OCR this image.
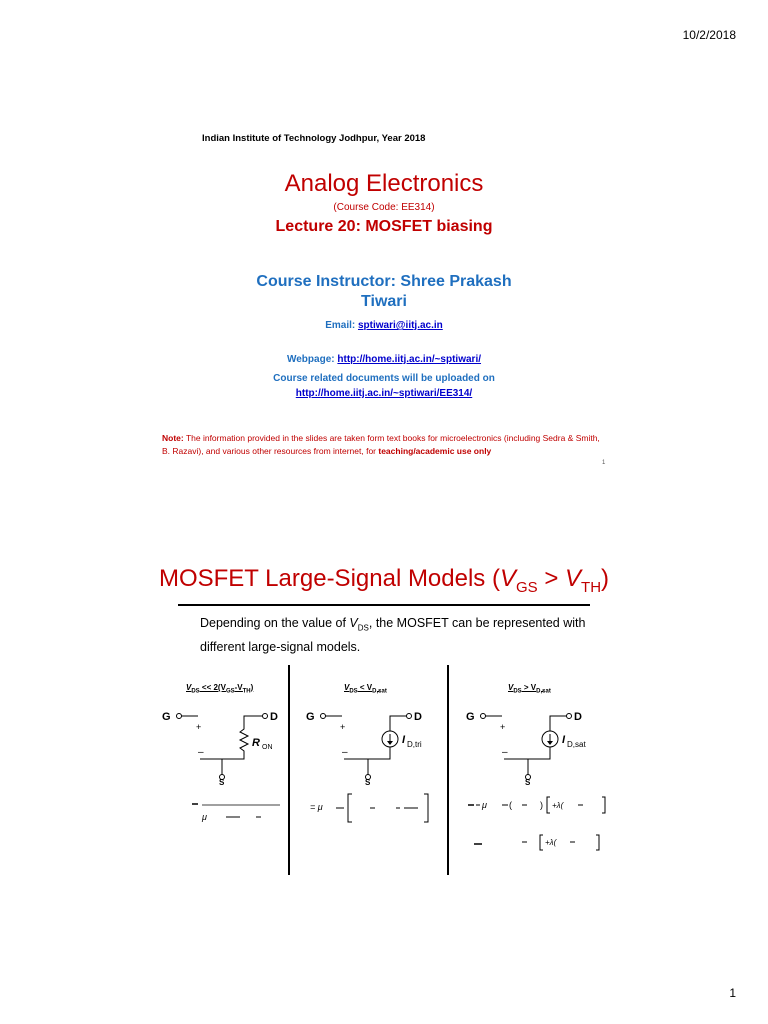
10/2/2018
Indian Institute of Technology Jodhpur, Year 2018
Analog Electronics
(Course Code: EE314)
Lecture 20: MOSFET biasing
Course Instructor: Shree Prakash
Tiwari
Email: sptiwari@iitj.ac.in
Webpage: http://home.iitj.ac.in/~sptiwari/
Course related documents will be uploaded on
http://home.iitj.ac.in/~sptiwari/EE314/
Note: The information provided in the slides are taken form text books for microelectronics (including Sedra & Smith, B. Razavi), and various other resources from internet, for teaching/academic use only
1
MOSFET Large-Signal Models $(V_{GS} > V_{TH})$
Depending on the value of $V_{DS}$, the MOSFET can be represented with different large-signal models.
$V_{DS} << 2(V_{GS}-V_{TH})$	$V_{DS} < V_{D,sat}$	$V_{DS} > V_{D,sat}$
G
+
–
D
S
R ON
G
+
–
D
S
I D,tri
G
+
–
D
S
I D,sat
μ
= μ	μ (	) +λ(
+λ(
1
